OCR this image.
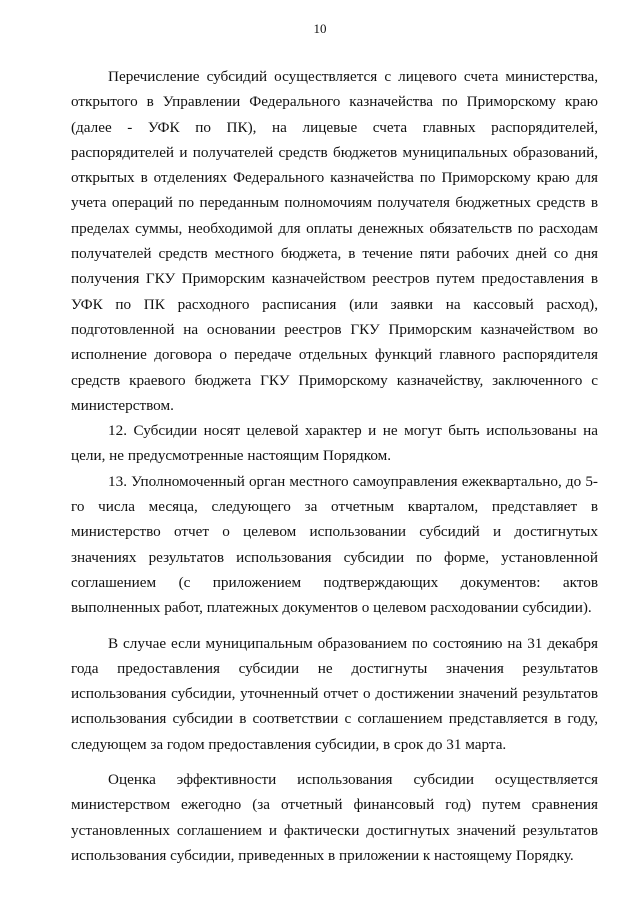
10

Перечисление субсидий осуществляется с лицевого счета министерства, открытого в Управлении Федерального казначейства по Приморскому краю (далее - УФК по ПК), на лицевые счета главных распорядителей, распорядителей и получателей средств бюджетов муниципальных образований, открытых в отделениях Федерального казначейства по Приморскому краю для учета операций по переданным полномочиям получателя бюджетных средств в пределах суммы, необходимой для оплаты денежных обязательств по расходам получателей средств местного бюджета, в течение пяти рабочих дней со дня получения ГКУ Приморским казначейством реестров путем предоставления в УФК по ПК расходного расписания (или заявки на кассовый расход), подготовленной на основании реестров ГКУ Приморским казначейством во исполнение договора о передаче отдельных функций главного распорядителя средств краевого бюджета ГКУ Приморскому казначейству, заключенного с министерством.

12. Субсидии носят целевой характер и не могут быть использованы на цели, не предусмотренные настоящим Порядком.

13. Уполномоченный орган местного самоуправления ежеквартально, до 5-го числа месяца, следующего за отчетным кварталом, представляет в министерство отчет о целевом использовании субсидий и достигнутых значениях результатов использования субсидии по форме, установленной соглашением (с приложением подтверждающих документов: актов выполненных работ, платежных документов о целевом расходовании субсидии).

В случае если муниципальным образованием по состоянию на 31 декабря года предоставления субсидии не достигнуты значения результатов использования субсидии, уточненный отчет о достижении значений результатов использования субсидии в соответствии с соглашением представляется в году, следующем за годом предоставления субсидии, в срок до 31 марта.

Оценка эффективности использования субсидии осуществляется министерством ежегодно (за отчетный финансовый год) путем сравнения установленных соглашением и фактически достигнутых значений результатов использования субсидии, приведенных в приложении к настоящему Порядку.
